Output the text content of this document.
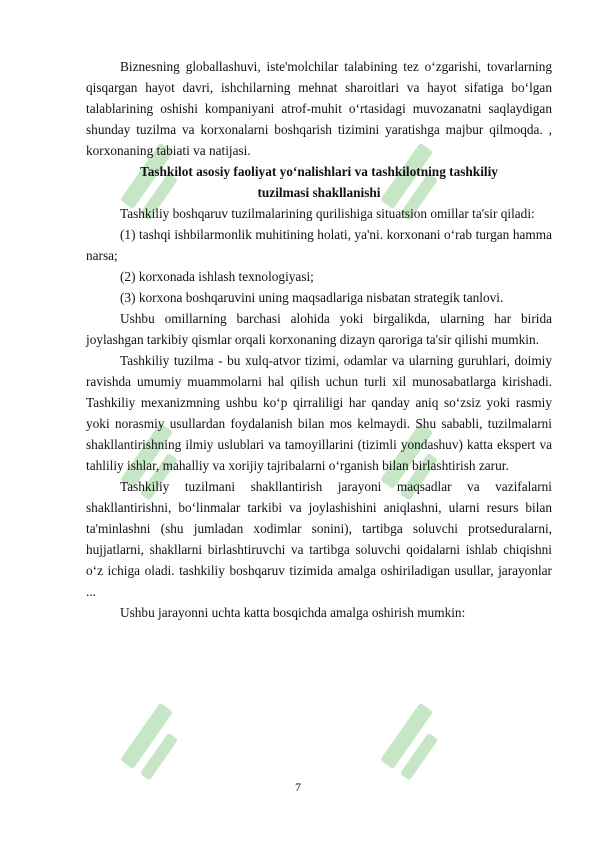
Biznesning globallashuvi, iste'molchilar talabining tez o‘zgarishi, tovarlarning qisqargan hayot davri, ishchilarning mehnat sharoitlari va hayot sifatiga bo‘lgan talablarining oshishi kompaniyani atrof-muhit o‘rtasidagi muvozanatni saqlaydigan shunday tuzilma va korxonalarni boshqarish tizimini yaratishga majbur qilmoqda. , korxonaning tabiati va natijasi.

Tashkilot asosiy faoliyat yo‘nalishlari va tashkilotning tashkiliy tuzilmasi shakllanishi

Tashkiliy boshqaruv tuzilmalarining qurilishiga situatsion omillar ta'sir qiladi:

(1) tashqi ishbilarmonlik muhitining holati, ya'ni. korxonani o‘rab turgan hamma narsa;

(2) korxonada ishlash texnologiyasi;

(3) korxona boshqaruvini uning maqsadlariga nisbatan strategik tanlovi.

Ushbu omillarning barchasi alohida yoki birgalikda, ularning har birida joylashgan tarkibiy qismlar orqali korxonaning dizayn qaroriga ta'sir qilishi mumkin.

Tashkiliy tuzilma - bu xulq-atvor tizimi, odamlar va ularning guruhlari, doimiy ravishda umumiy muammolarni hal qilish uchun turli xil munosabatlarga kirishadi. Tashkiliy mexanizmning ushbu ko‘p qirraliligi har qanday aniq so‘zsiz yoki rasmiy yoki norasmiy usullardan foydalanish bilan mos kelmaydi. Shu sababli, tuzilmalarni shakllantirishning ilmiy uslublari va tamoyillarini (tizimli yondashuv) katta ekspert va tahliliy ishlar, mahalliy va xorijiy tajribalarni o‘rganish bilan birlashtirish zarur.

Tashkiliy tuzilmani shakllantirish jarayoni maqsadlar va vazifalarni shakllantirishni, bo‘linmalar tarkibi va joylashishini aniqlashni, ularni resurs bilan ta'minlashni (shu jumladan xodimlar sonini), tartibga soluvchi protseduralarni, hujjatlarni, shakllarni birlashtiruvchi va tartibga soluvchi qoidalarni ishlab chiqishni o‘z ichiga oladi. tashkiliy boshqaruv tizimida amalga oshiriladigan usullar, jarayonlar ...

Ushbu jarayonni uchta katta bosqichda amalga oshirish mumkin:

7
